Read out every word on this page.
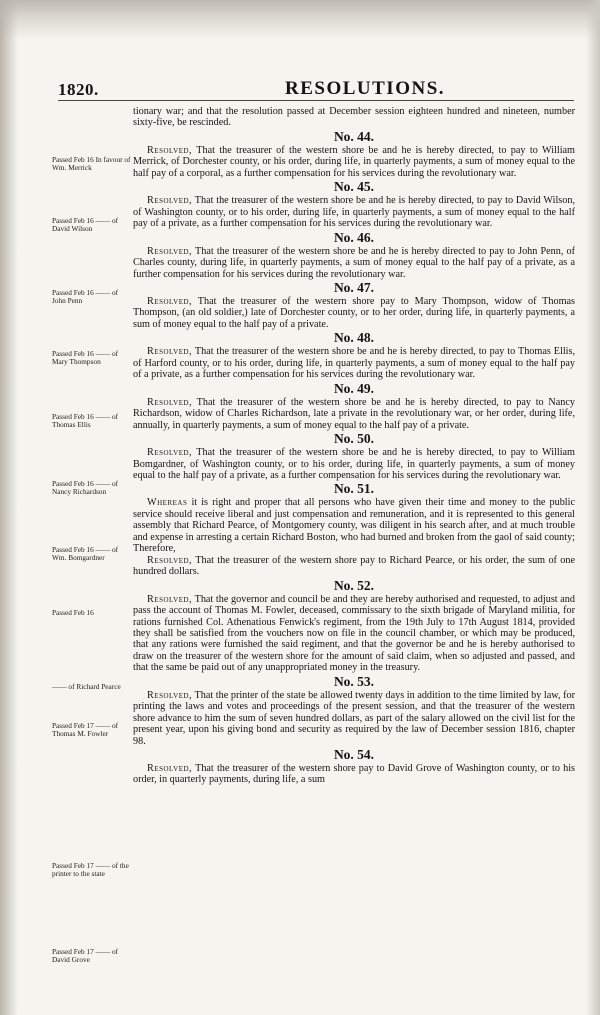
1820.	RESOLUTIONS.
Passed Feb 16 In favour of Wm. Merrick
Passed Feb 16 —— of David Wilson
Passed Feb 16 —— of John Penn
Passed Feb 16 —— of Mary Thompson
Passed Feb 16 —— of Thomas Ellis
Passed Feb 16 —— of Nancy Richardson
Passed Feb 16 —— of Wm. Bomgardner
Passed Feb 16
—— of Richard Pearce
Passed Feb 17 —— of Thomas M. Fowler
Passed Feb 17 —— of the printer to the state
Passed Feb 17 —— of David Grove

tionary war; and that the resolution passed at December session eighteen hundred and nineteen, number sixty-five, be rescinded.

No. 44.

Resolved, That the treasurer of the western shore be and he is hereby directed, to pay to William Merrick, of Dorchester county, or his order, during life, in quarterly payments, a sum of money equal to the half pay of a corporal, as a further compensation for his services during the revolutionary war.

No. 45.

Resolved, That the treasurer of the western shore be and he is hereby directed, to pay to David Wilson, of Washington county, or to his order, during life, in quarterly payments, a sum of money equal to the half pay of a private, as a further compensation for his services during the revolutionary war.

No. 46.

Resolved, That the treasurer of the western shore be and he is hereby directed to pay to John Penn, of Charles county, during life, in quarterly payments, a sum of money equal to the half pay of a private, as a further compensation for his services during the revolutionary war.

No. 47.

Resolved, That the treasurer of the western shore pay to Mary Thompson, widow of Thomas Thompson, (an old soldier,) late of Dorchester county, or to her order, during life, in quarterly payments, a sum of money equal to the half pay of a private.

No. 48.

Resolved, That the treasurer of the western shore be and he is hereby directed, to pay to Thomas Ellis, of Harford county, or to his order, during life, in quarterly payments, a sum of money equal to the half pay of a private, as a further compensation for his services during the revolutionary war.

No. 49.

Resolved, That the treasurer of the western shore be and he is hereby directed, to pay to Nancy Richardson, widow of Charles Richardson, late a private in the revolutionary war, or her order, during life, annually, in quarterly payments, a sum of money equal to the half pay of a private.

No. 50.

Resolved, That the treasurer of the western shore be and he is hereby directed, to pay to William Bomgardner, of Washington county, or to his order, during life, in quarterly payments, a sum of money equal to the half pay of a private, as a further compensation for his services during the revolutionary war.

No. 51.

Whereas it is right and proper that all persons who have given their time and money to the public service should receive liberal and just compensation and remuneration, and it is represented to this general assembly that Richard Pearce, of Montgomery county, was diligent in his search after, and at much trouble and expense in arresting a certain Richard Boston, who had burned and broken from the gaol of said county; Therefore,

Resolved, That the treasurer of the western shore pay to Richard Pearce, or his order, the sum of one hundred dollars.

No. 52.

Resolved, That the governor and council be and they are hereby authorised and requested, to adjust and pass the account of Thomas M. Fowler, deceased, commissary to the sixth brigade of Maryland militia, for rations furnished Col. Athenatious Fenwick's regiment, from the 19th July to 17th August 1814, provided they shall be satisfied from the vouchers now on file in the council chamber, or which may be produced, that any rations were furnished the said regiment, and that the governor be and he is hereby authorised to draw on the treasurer of the western shore for the amount of said claim, when so adjusted and passed, and that the same be paid out of any unappropriated money in the treasury.

No. 53.

Resolved, That the printer of the state be allowed twenty days in addition to the time limited by law, for printing the laws and votes and proceedings of the present session, and that the treasurer of the western shore advance to him the sum of seven hundred dollars, as part of the salary allowed on the civil list for the present year, upon his giving bond and security as required by the law of December session 1816, chapter 98.

No. 54.

Resolved, That the treasurer of the western shore pay to David Grove of Washington county, or to his order, in quarterly payments, during life, a sum
